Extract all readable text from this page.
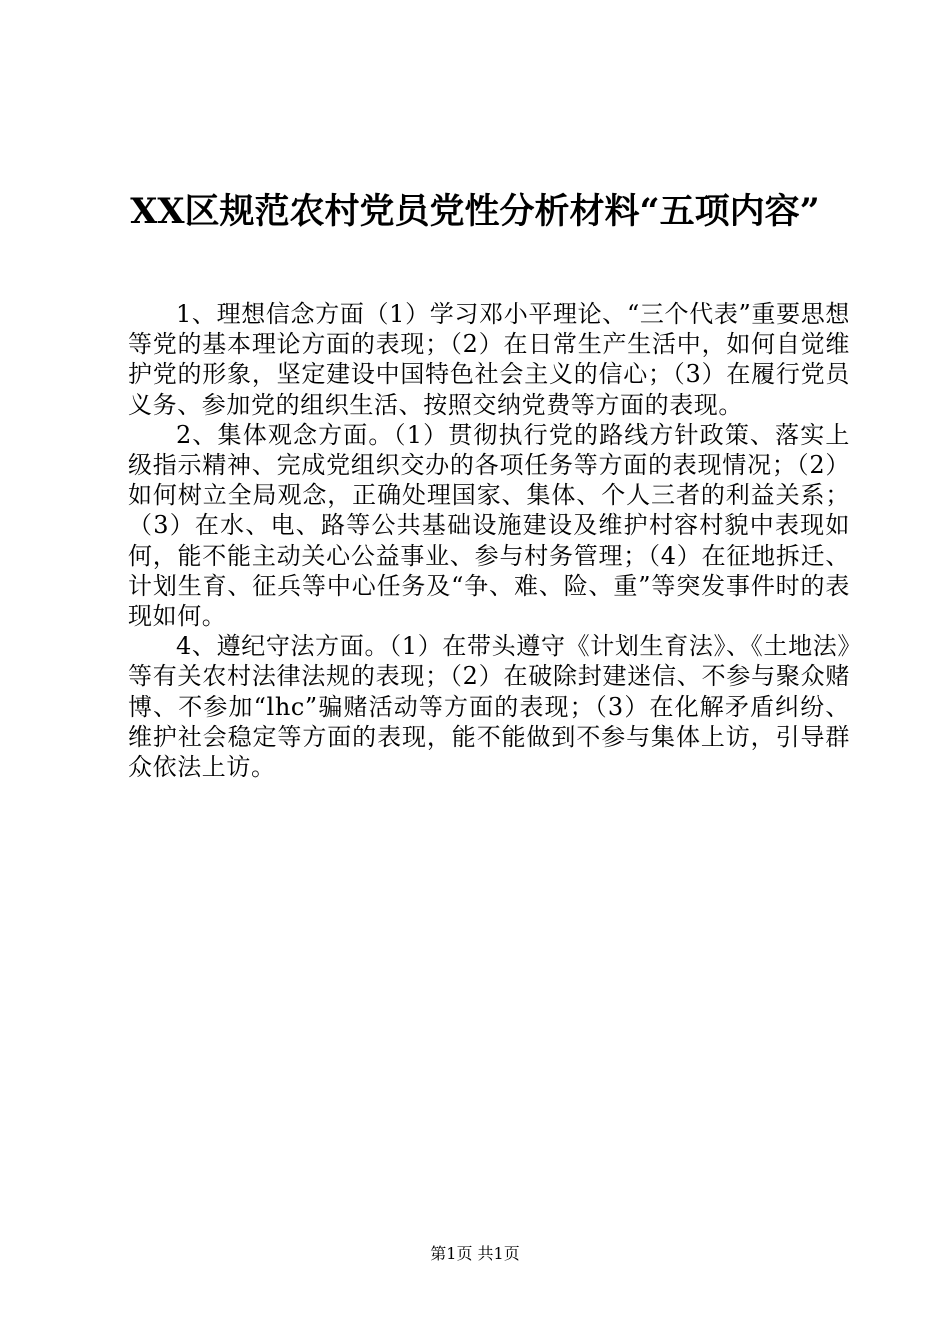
XX区规范农村党员党性分析材料“五项内容”

1、理想信念方面（1）学习邓小平理论、“三个代表”重要思想等党的基本理论方面的表现；（2）在日常生产生活中，如何自觉维护党的形象，坚定建设中国特色社会主义的信心；（3）在履行党员义务、参加党的组织生活、按照交纳党费等方面的表现。

2、集体观念方面。（1）贯彻执行党的路线方针政策、落实上级指示精神、完成党组织交办的各项任务等方面的表现情况；（2）如何树立全局观念，正确处理国家、集体、个人三者的利益关系；（3）在水、电、路等公共基础设施建设及维护村容村貌中表现如何，能不能主动关心公益事业、参与村务管理；（4）在征地拆迁、计划生育、征兵等中心任务及“争、难、险、重”等突发事件时的表现如何。

4、遵纪守法方面。（1）在带头遵守《计划生育法》、《土地法》等有关农村法律法规的表现；（2）在破除封建迷信、不参与聚众赌博、不参加“lhc”骗赌活动等方面的表现；（3）在化解矛盾纠纷、维护社会稳定等方面的表现，能不能做到不参与集体上访，引导群众依法上访。

第1页 共1页
